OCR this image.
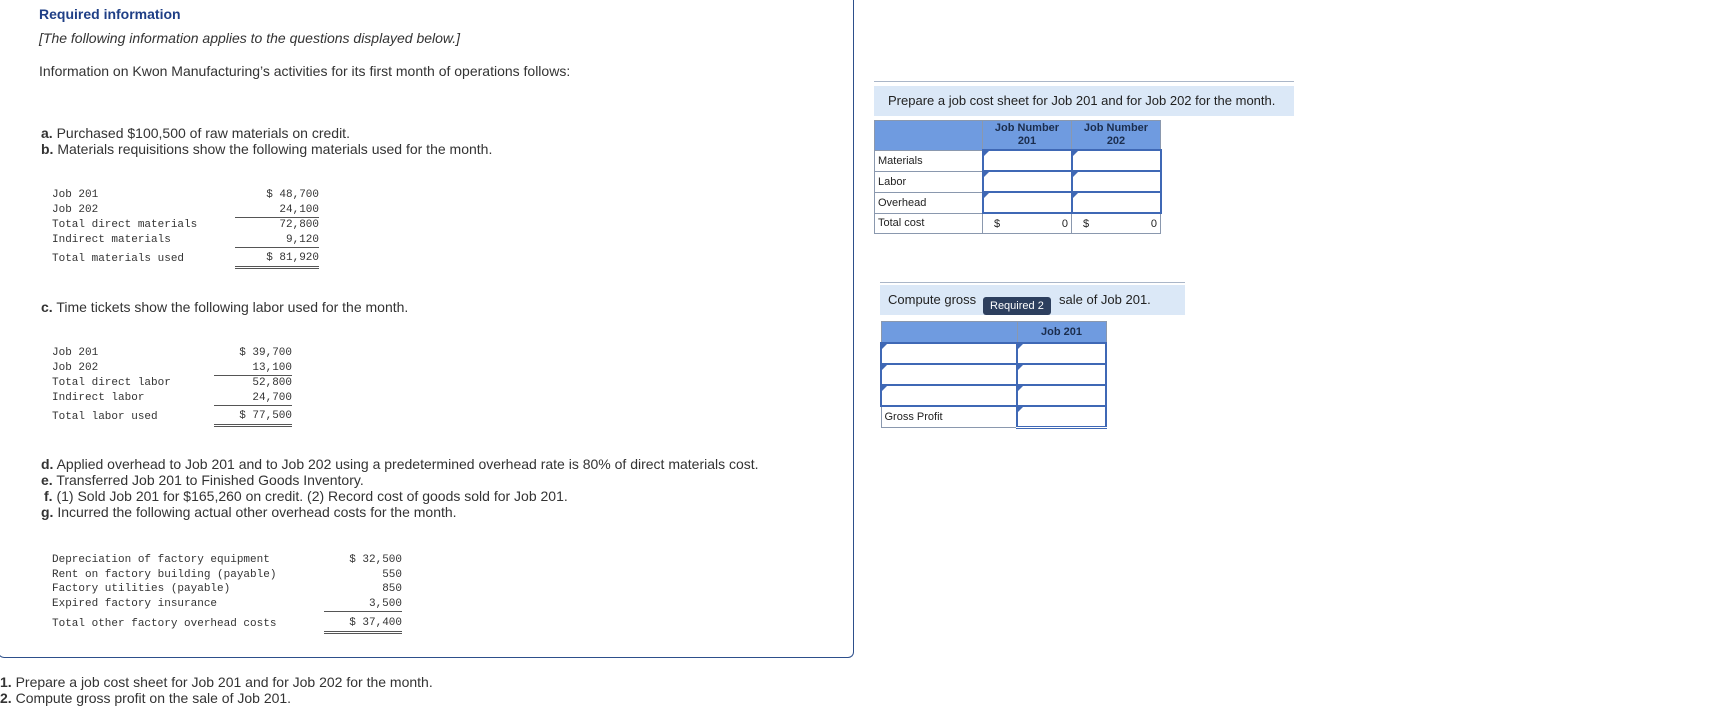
Required information
[The following information applies to the questions displayed below.]
Information on Kwon Manufacturing’s activities for its first month of operations follows:
a. Purchased $100,500 of raw materials on credit.
b. Materials requisitions show the following materials used for the month.
Job 201	$ 48,700
Job 202	24,100
Total direct materials	72,800
Indirect materials	9,120
Total materials used	$ 81,920
c. Time tickets show the following labor used for the month.
Job 201	$ 39,700
Job 202	13,100
Total direct labor	52,800
Indirect labor	24,700
Total labor used	$ 77,500
d. Applied overhead to Job 201 and to Job 202 using a predetermined overhead rate is 80% of direct materials cost.
e. Transferred Job 201 to Finished Goods Inventory.
f. (1) Sold Job 201 for $165,260 on credit. (2) Record cost of goods sold for Job 201.
g. Incurred the following actual other overhead costs for the month.
Depreciation of factory equipment	$ 32,500
Rent on factory building (payable)	550
Factory utilities (payable)	850
Expired factory insurance	3,500
Total other factory overhead costs	$ 37,400
1. Prepare a job cost sheet for Job 201 and for Job 202 for the month.
2. Compute gross profit on the sale of Job 201.
Prepare a job cost sheet for Job 201 and for Job 202 for the month.
	Job Number 201	Job Number 202
Materials		
Labor		
Overhead		
Total cost	$ 0	$ 0
Compute gross	sale of Job 201.
Required 2
	Job 201

Gross Profit	
